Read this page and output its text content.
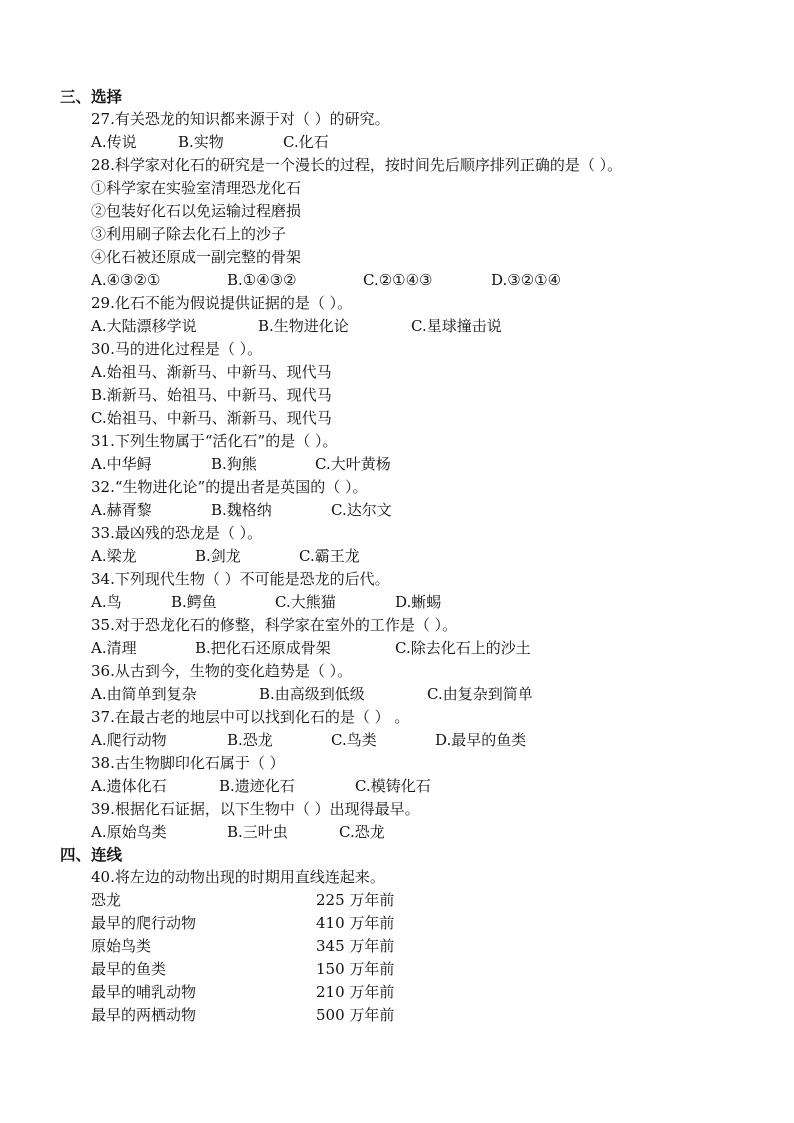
三、选择
27.有关恐龙的知识都来源于对（ ）的研究。
A.传说	B.实物	C.化石
28.科学家对化石的研究是一个漫长的过程，按时间先后顺序排列正确的是（ ）。
①科学家在实验室清理恐龙化石
②包装好化石以免运输过程磨损
③利用刷子除去化石上的沙子
④化石被还原成一副完整的骨架
A.④③②①	B.①④③②	C.②①④③	D.③②①④
29.化石不能为假说提供证据的是（ ）。
A.大陆漂移学说	B.生物进化论	C.星球撞击说
30.马的进化过程是（ ）。
A.始祖马、渐新马、中新马、现代马
B.渐新马、始祖马、中新马、现代马
C.始祖马、中新马、渐新马、现代马
31.下列生物属于“活化石”的是（ ）。
A.中华鲟	B.狗熊	C.大叶黄杨
32.“生物进化论”的提出者是英国的（ ）。
A.赫胥黎	B.魏格纳	C.达尔文
33.最凶残的恐龙是（ ）。
A.梁龙	B.剑龙	C.霸王龙
34.下列现代生物（ ）不可能是恐龙的后代。
A.鸟	B.鳄鱼	C.大熊猫	D.蜥蜴
35.对于恐龙化石的修整，科学家在室外的工作是（ ）。
A.清理	B.把化石还原成骨架	C.除去化石上的沙土
36.从古到今，生物的变化趋势是（ ）。
A.由简单到复杂	B.由高级到低级	C.由复杂到简单
37.在最古老的地层中可以找到化石的是（ ） 。
A.爬行动物	B.恐龙	C.鸟类	D.最早的鱼类
38.古生物脚印化石属于（ ）
A.遗体化石	B.遗迹化石	C.模铸化石
39.根据化石证据，以下生物中（ ）出现得最早。
A.原始鸟类	B.三叶虫	C.恐龙
四、连线
40.将左边的动物出现的时期用直线连起来。
恐龙	225 万年前
最早的爬行动物	410 万年前
原始鸟类	345 万年前
最早的鱼类	150 万年前
最早的哺乳动物	210 万年前
最早的两栖动物	500 万年前
